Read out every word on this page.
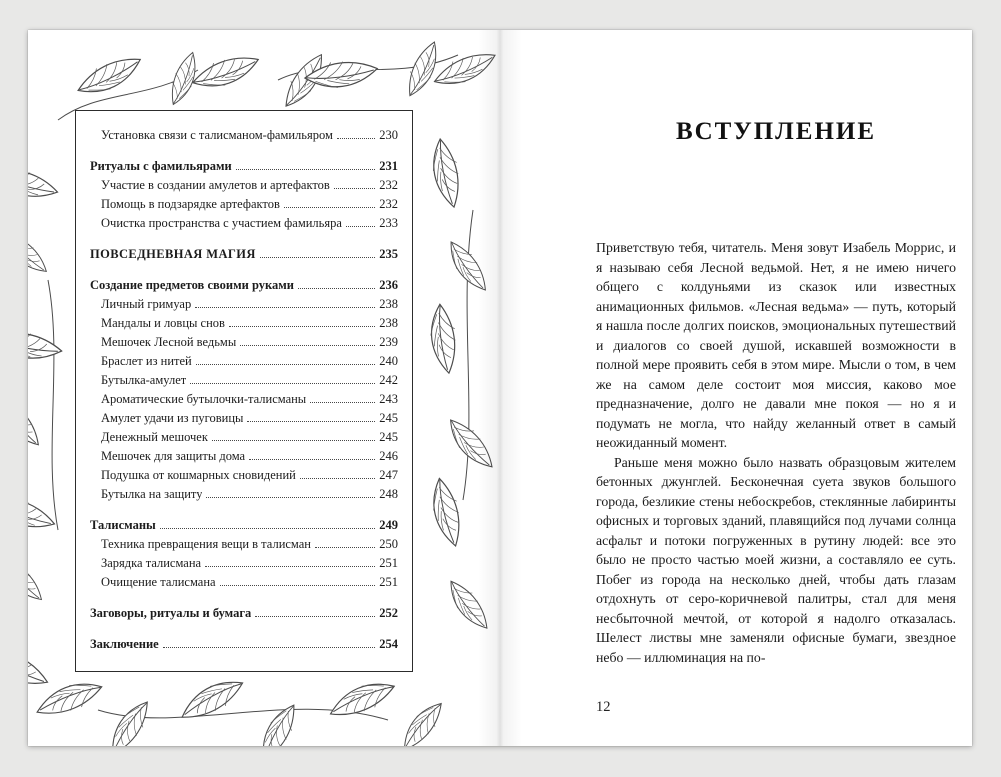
Установка связи с талисманом-фамильяром	230
Ритуалы с фамильярами	231
Участие в создании амулетов и артефактов	232
Помощь в подзарядке артефактов	232
Очистка пространства с участием фамильяра	233
ПОВСЕДНЕВНАЯ МАГИЯ	235
Создание предметов своими руками	236
Личный гримуар	238
Мандалы и ловцы снов	238
Мешочек Лесной ведьмы	239
Браслет из нитей	240
Бутылка-амулет	242
Ароматические бутылочки-талисманы	243
Амулет удачи из пуговицы	245
Денежный мешочек	245
Мешочек для защиты дома	246
Подушка от кошмарных сновидений	247
Бутылка на защиту	248
Талисманы	249
Техника превращения вещи в талисман	250
Зарядка талисмана	251
Очищение талисмана	251
Заговоры, ритуалы и бумага	252
Заключение	254
ВСТУПЛЕНИЕ

Приветствую тебя, читатель. Меня зовут Изабель Моррис, и я называю себя Лесной ведьмой. Нет, я не имею ничего общего с колдуньями из сказок или известных анимационных фильмов. «Лесная ведьма» — путь, который я нашла после долгих поисков, эмоциональных путешествий и диалогов со своей душой, искавшей возможности в полной мере проявить себя в этом мире. Мысли о том, в чем же на самом деле состоит моя миссия, каково мое предназначение, долго не давали мне покоя — но я и подумать не могла, что найду желанный ответ в самый неожиданный момент.

Раньше меня можно было назвать образцовым жителем бетонных джунглей. Бесконечная суета звуков большого города, безликие стены небоскребов, стеклянные лабиринты офисных и торговых зданий, плавящийся под лучами солнца асфальт и потоки погруженных в рутину людей: все это было не просто частью моей жизни, а составляло ее суть. Побег из города на несколько дней, чтобы дать глазам отдохнуть от серо-коричневой палитры, стал для меня несбыточной мечтой, от которой я надолго отказалась. Шелест листвы мне заменяли офисные бумаги, звездное небо — иллюминация на по-

12
